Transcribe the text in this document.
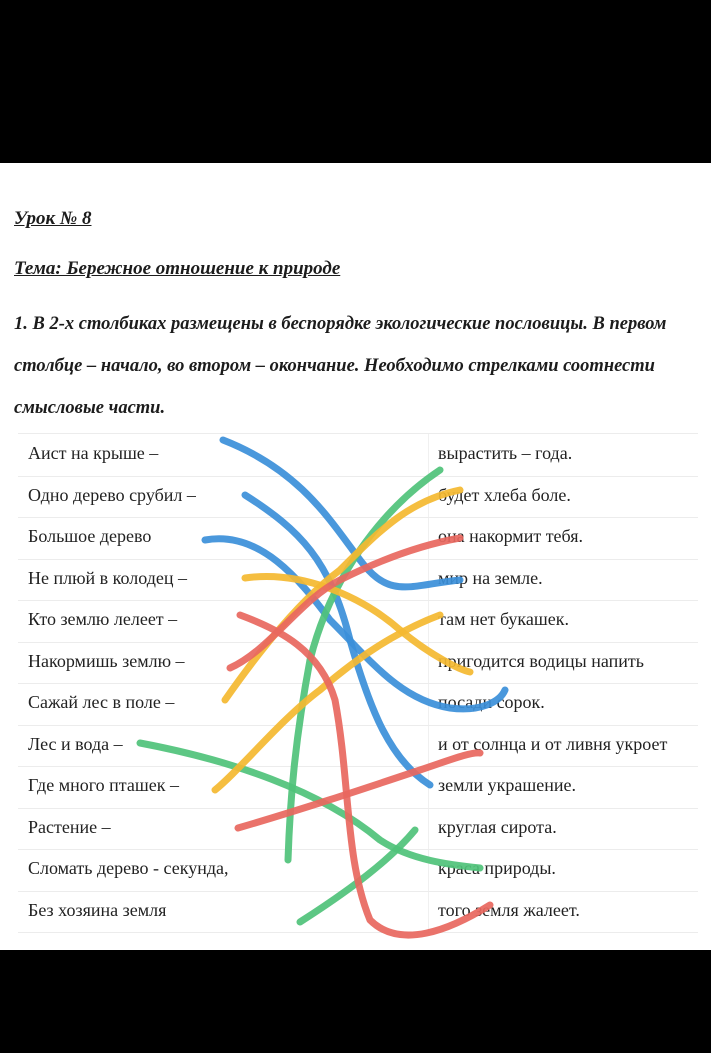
Урок № 8

Тема: Бережное отношение к природе

1. В 2-х столбиках размещены в беспорядке экологические пословицы. В первом столбце – начало, во втором – окончание. Необходимо стрелками соотнести смысловые части.

Аист на крыше –	вырастить – года.
Одно дерево срубил –	будет хлеба боле.
Большое дерево	она накормит тебя.
Не плюй в колодец –	мир на земле.
Кто землю лелеет –	там нет букашек.
Накормишь землю –	пригодится водицы напить
Сажай лес в поле –	посади сорок.
Лес и вода –	и от солнца и от ливня укроет
Где много пташек –	земли украшение.
Растение –	круглая сирота.
Сломать дерево - секунда,	краса природы.
Без хозяина земля	того земля жалеет.
